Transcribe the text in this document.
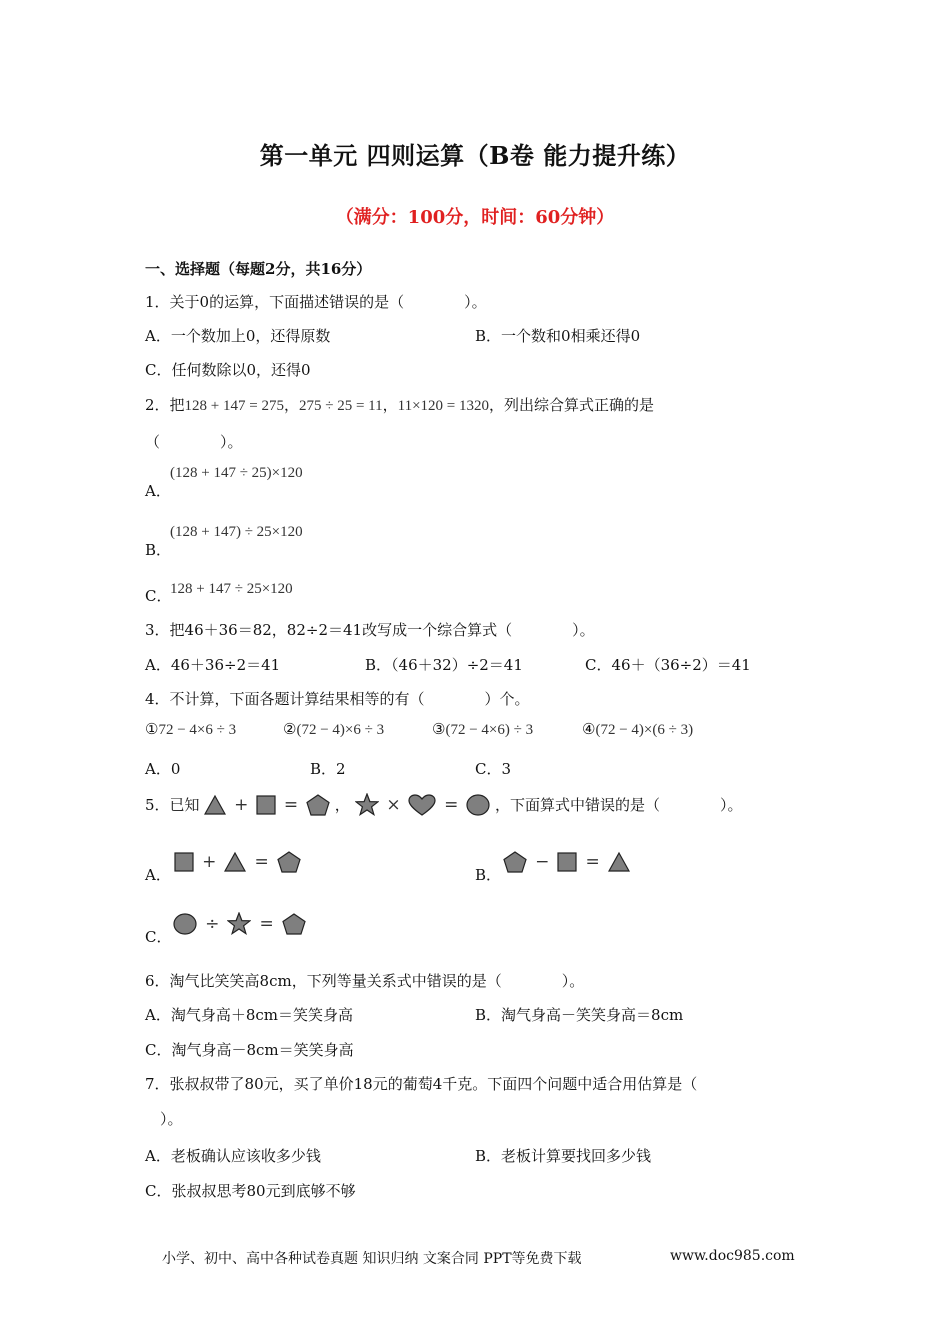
第一单元 四则运算（B卷 能力提升练）
（满分：100分，时间：60分钟）
一、选择题（每题2分，共16分）
1．关于0的运算，下面描述错误的是（　　　　）。
A．一个数加上0，还得原数	B．一个数和0相乘还得0
C．任何数除以0，还得0
2．把128 + 147 = 275，275 ÷ 25 = 11，11×120 = 1320，列出综合算式正确的是
（　　　　）。
A．
(128 + 147 ÷ 25)×120
B．
(128 + 147) ÷ 25×120
C．
128 + 147 ÷ 25×120
3．把46＋36＝82，82÷2＝41改写成一个综合算式（　　　　）。
A．46＋36÷2＝41	B．（46＋32）÷2＝41	C．46＋（36÷2）＝41
4．不计算，下面各题计算结果相等的有（　　　　）个。
①72 − 4×6 ÷ 3	②(72 − 4)×6 ÷ 3	③(72 − 4×6) ÷ 3	④(72 − 4)×(6 ÷ 3)
A．0	B．2	C．3
5．已知 + = ， ×	= ，下面算式中错误的是（　　　　）。
A．
+ =
B．
− =
C．
÷ =
6．淘气比笑笑高8cm，下列等量关系式中错误的是（　　　　）。
A．淘气身高＋8cm＝笑笑身高	B．淘气身高－笑笑身高＝8cm
C．淘气身高－8cm＝笑笑身高
7．张叔叔带了80元，买了单价18元的葡萄4千克。下面四个问题中适合用估算是（
）。
A．老板确认应该收多少钱	B．老板计算要找回多少钱
C．张叔叔思考80元到底够不够
小学、初中、高中各种试卷真题 知识归纳 文案合同 PPT等免费下载	www.doc985.com
